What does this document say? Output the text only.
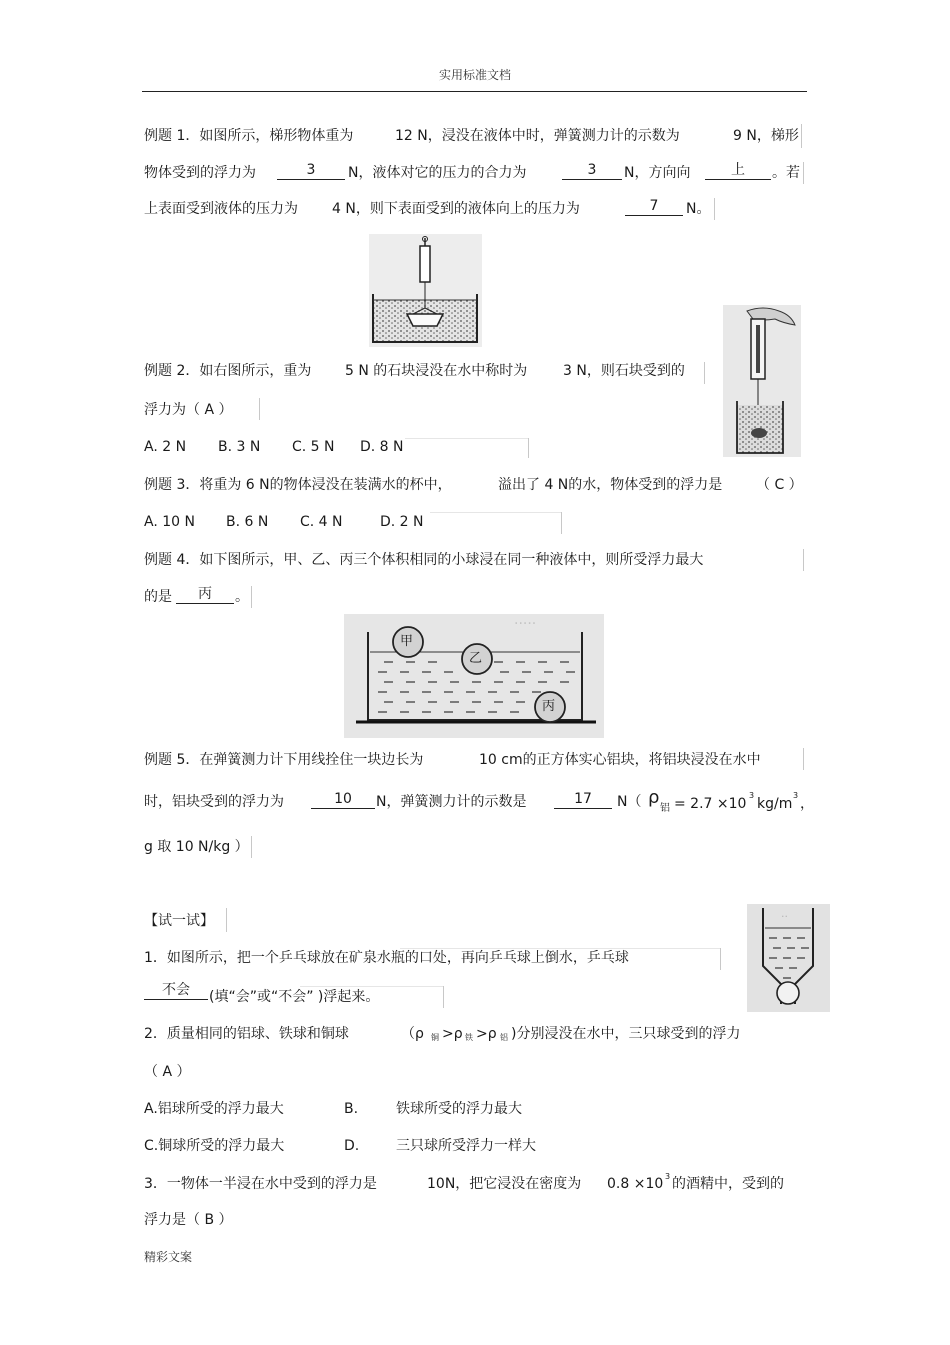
实用标准文档
精彩文案
例题 1．如图所示，梯形物体重为	12 N，浸没在液体中时，弹簧测力计的示数为	9 N，梯形
物体受到的浮力为	3	N，液体对它的压力的合力为	3	N，方向向	上	。若
上表面受到液体的压力为 4 N，则下表面受到的液体向上的压力为	7	N。
例题 2．如右图所示，重为 5 N 的石块浸没在水中称时为	3 N，则石块受到的
浮力为（ A ）
A. 2 N B. 3 N C. 5 N D. 8 N
例题 3．将重为 6 N的物体浸没在装满水的杯中，	溢出了 4 N的水，物体受到的浮力是 （ C ）
A. 10 N B. 6 N C. 4 N	D. 2 N
例题 4．如下图所示，甲、乙、丙三个体积相同的小球浸在同一种液体中，则所受浮力最大
的是	丙	。
·····
甲
乙
丙
例题 5．在弹簧测力计下用线拴住一块边长为	10 cm的正方体实心铝块，将铝块浸没在水中
时，铝块受到的浮力为	10	N，弹簧测力计的示数是	17	N（ ρ
铝 = 2.7 ×10
3
kg/m
3
，
g 取 10 N/kg ）
【试一试】	··
1．如图所示，把一个乒乓球放在矿泉水瓶的口处，再向乒乓球上倒水，乒乓球
不会	(填“会”或“不会” )浮起来。
2．质量相同的铝球、铁球和铜球	（ρ 铜 >ρ 铁 >ρ 铝 )分别浸没在水中，三只球受到的浮力
（ A ）
A.铝球所受的浮力最大	B.	铁球所受的浮力最大
C.铜球所受的浮力最大	D.	三只球所受浮力一样大
3．一物体一半浸在水中受到的浮力是	10N，把它浸没在密度为 0.8 ×10 3 的酒精中，受到的
浮力是（ B ）
